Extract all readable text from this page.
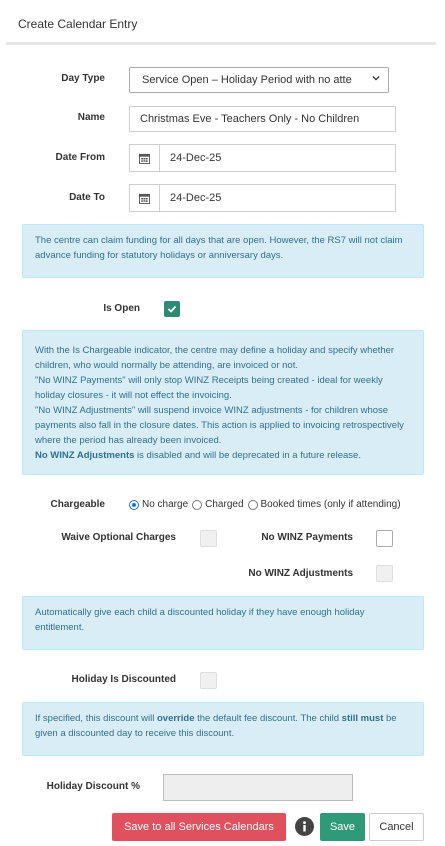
Create Calendar Entry
Day Type	Service Open – Holiday Period with no atte
Name	Christmas Eve - Teachers Only - No Children
Date From	24-Dec-25
Date To	24-Dec-25
The centre can claim funding for all days that are open. However, the RS7 will not claim advance funding for statutory holidays or anniversary days.
Is Open
With the Is Chargeable indicator, the centre may define a holiday and specify whether children, who would normally be attending, are invoiced or not.
"No WINZ Payments" will only stop WINZ Receipts being created - ideal for weekly holiday closures - it will not effect the invoicing.
"No WINZ Adjustments" will suspend invoice WINZ adjustments - for children whose payments also fall in the closure dates. This action is applied to invoicing retrospectively where the period has already been invoiced.
No WINZ Adjustments is disabled and will be deprecated in a future release.
Chargeable	No charge Charged Booked times (only if attending)
Waive Optional Charges	No WINZ Payments
No WINZ Adjustments
Automatically give each child a discounted holiday if they have enough holiday entitlement.
Holiday Is Discounted
If specified, this discount will override the default fee discount. The child still must be given a discounted day to receive this discount.
Holiday Discount %
Save to all Services Calendars	Save	Cancel
